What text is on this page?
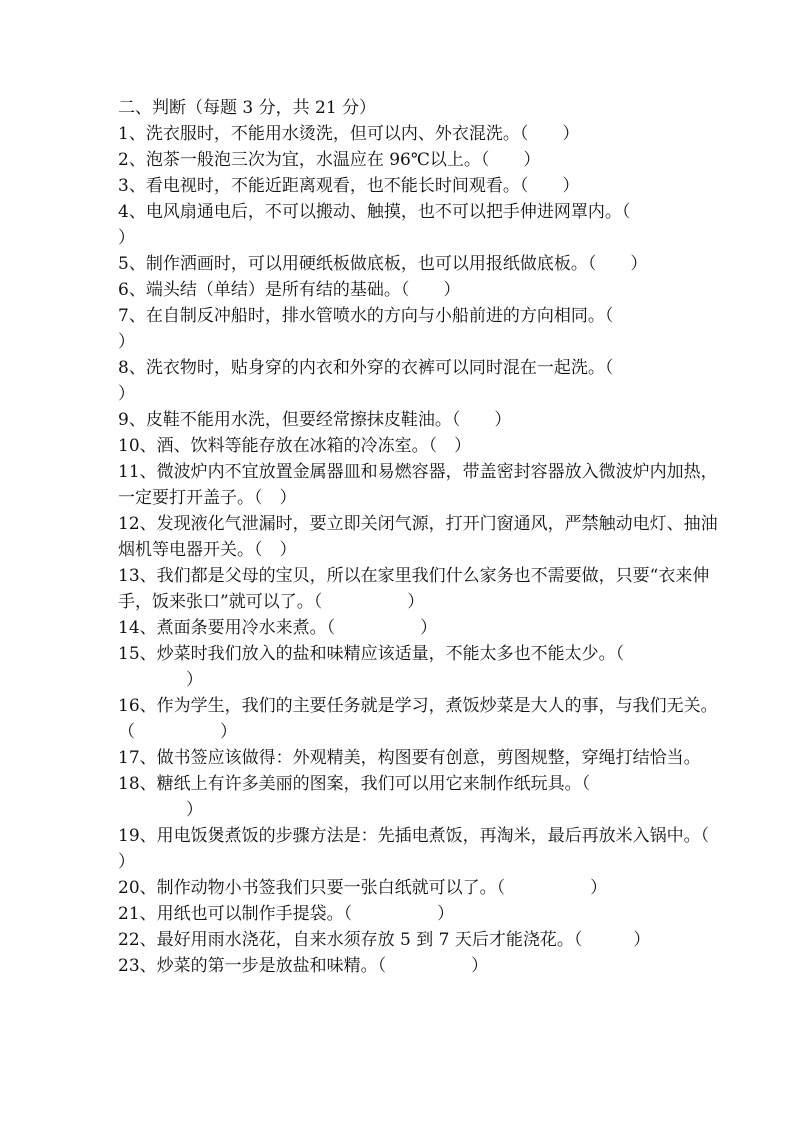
二、判断（每题 3 分，共 21 分）

1、洗衣服时，不能用水烫洗，但可以内、外衣混洗。（　　）

2、泡茶一般泡三次为宜，水温应在 96℃以上。（　　）

3、看电视时，不能近距离观看，也不能长时间观看。（　　）

4、电风扇通电后，不可以搬动、触摸，也不可以把手伸进网罩内。（
）

5、制作洒画时，可以用硬纸板做底板，也可以用报纸做底板。（　　）

6、端头结（单结）是所有结的基础。（　　）

7、在自制反冲船时，排水管喷水的方向与小船前进的方向相同。（
）

8、洗衣物时，贴身穿的内衣和外穿的衣裤可以同时混在一起洗。（
）

9、皮鞋不能用水洗，但要经常擦抹皮鞋油。（　　）

10、酒、饮料等能存放在冰箱的冷冻室。（　）

11、微波炉内不宜放置金属器皿和易燃容器，带盖密封容器放入微波炉内加热，一定要打开盖子。（　）

12、发现液化气泄漏时，要立即关闭气源，打开门窗通风，严禁触动电灯、抽油烟机等电器开关。（　）

13、我们都是父母的宝贝，所以在家里我们什么家务也不需要做，只要“衣来伸手，饭来张口”就可以了。（　　　　　）

14、煮面条要用冷水来煮。（　　　　　）

15、炒菜时我们放入的盐和味精应该适量，不能太多也不能太少。（
　　　　）

16、作为学生，我们的主要任务就是学习，煮饭炒菜是大人的事，与我们无关。（　　　　　）

17、做书签应该做得：外观精美，构图要有创意，剪图规整，穿绳打结恰当。

18、糖纸上有许多美丽的图案，我们可以用它来制作纸玩具。（
　　　　）

19、用电饭煲煮饭的步骤方法是：先插电煮饭，再淘米，最后再放米入锅中。（　　　　　）

20、制作动物小书签我们只要一张白纸就可以了。（　　　　　）

21、用纸也可以制作手提袋。（　　　　　）

22、最好用雨水浇花，自来水须存放 5 到 7 天后才能浇花。（　　　）

23、炒菜的第一步是放盐和味精。（　　　　　）
